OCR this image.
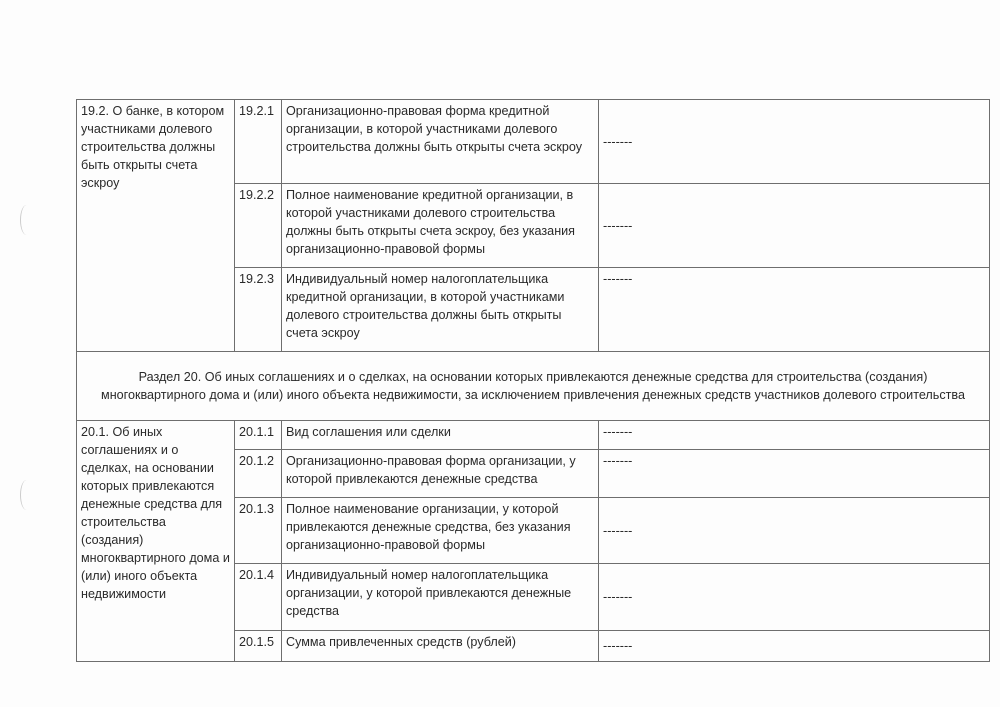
19.2. О банке, в котором участниками долевого строительства должны быть открыты счета эскроу	19.2.1	Организационно-правовая форма кредитной организации, в которой участниками долевого строительства должны быть открыты счета эскроу	-------
	19.2.2	Полное наименование кредитной организации, в которой участниками долевого строительства должны быть открыты счета эскроу, без указания организационно-правовой формы	-------
	19.2.3	Индивидуальный номер налогоплательщика кредитной организации, в которой участниками долевого строительства должны быть открыты счета эскроу	-------
Раздел 20. Об иных соглашениях и о сделках, на основании которых привлекаются денежные средства для строительства (создания) многоквартирного дома и (или) иного объекта недвижимости, за исключением привлечения денежных средств участников долевого строительства			
20.1. Об иных соглашениях и о сделках, на основании которых привлекаются денежные средства для строительства (создания) многоквартирного дома и (или) иного объекта недвижимости	20.1.1	Вид соглашения или сделки	-------
	20.1.2	Организационно-правовая форма организации, у которой привлекаются денежные средства	-------
	20.1.3	Полное наименование организации, у которой привлекаются денежные средства, без указания организационно-правовой формы	-------
	20.1.4	Индивидуальный номер налогоплательщика организации, у которой привлекаются денежные средства	-------
	20.1.5	Сумма привлеченных средств (рублей)	-------
